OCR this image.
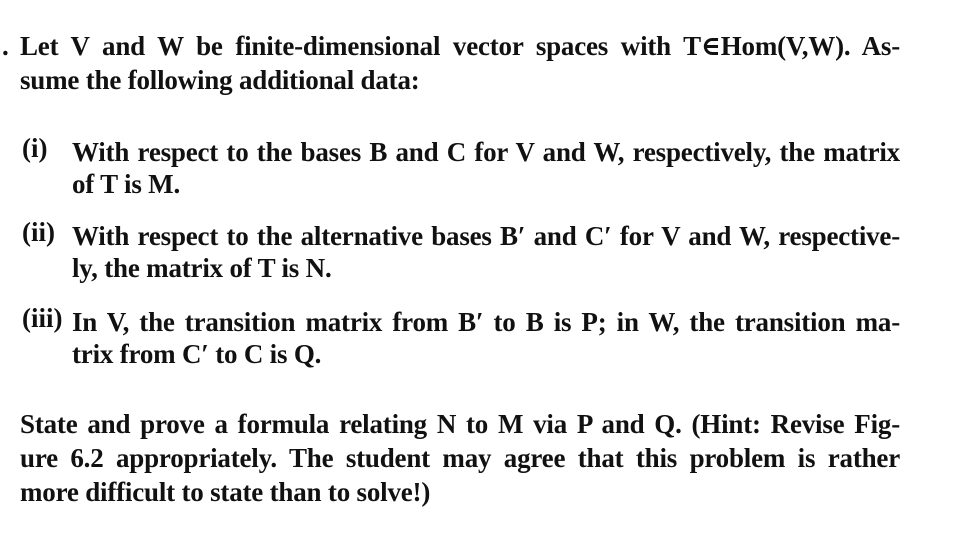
. Let V and W be finite-dimensional vector spaces with T∈Hom(V,W). As-
sume the following additional data:
(i) With respect to the bases B and C for V and W, respectively, the matrix
of T is M.
(ii) With respect to the alternative bases B′ and C′ for V and W, respective-
ly, the matrix of T is N.
(iii) In V, the transition matrix from B′ to B is P; in W, the transition ma-
trix from C′ to C is Q.
State and prove a formula relating N to M via P and Q. (Hint: Revise Fig-
ure 6.2 appropriately. The student may agree that this problem is rather
more difficult to state than to solve!)
